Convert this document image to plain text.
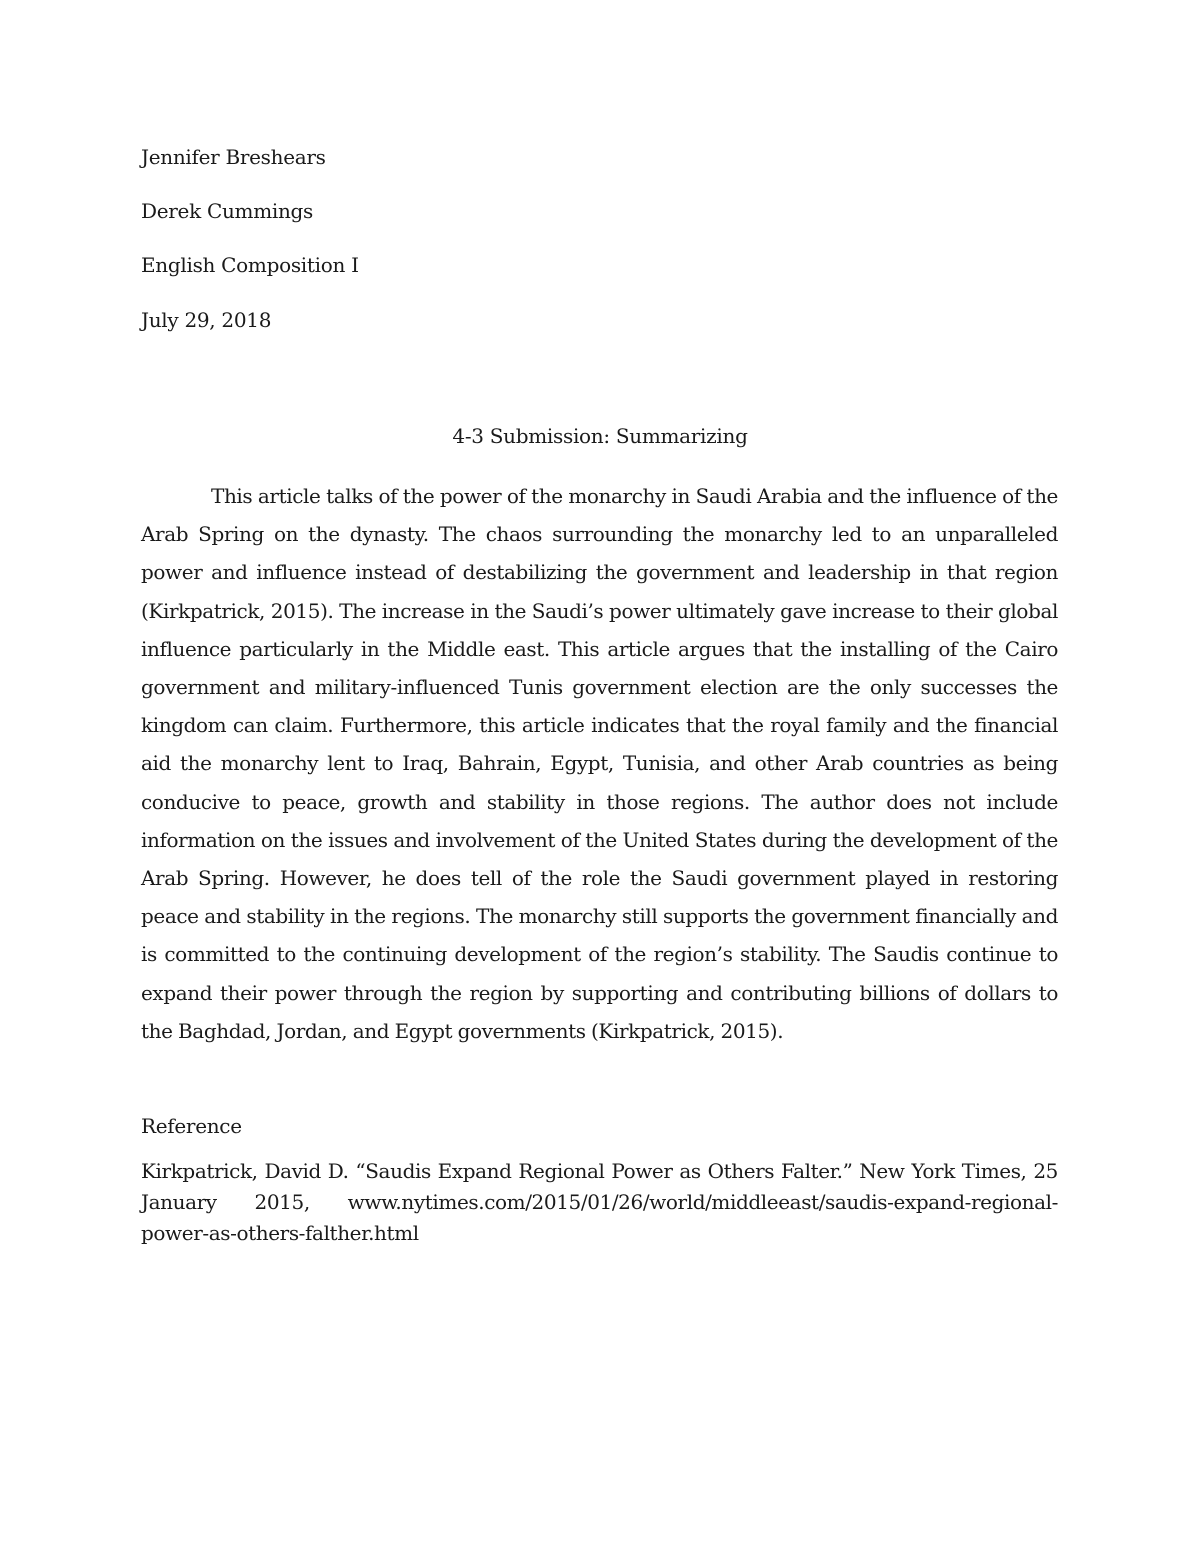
Jennifer Breshears
Derek Cummings
English Composition I
July 29, 2018
4-3 Submission: Summarizing

This article talks of the power of the monarchy in Saudi Arabia and the influence of the Arab Spring on the dynasty. The chaos surrounding the monarchy led to an unparalleled power and influence instead of destabilizing the government and leadership in that region (Kirkpatrick, 2015). The increase in the Saudi’s power ultimately gave increase to their global influence particularly in the Middle east. This article argues that the installing of the Cairo government and military-influenced Tunis government election are the only successes the kingdom can claim. Furthermore, this article indicates that the royal family and the financial aid the monarchy lent to Iraq, Bahrain, Egypt, Tunisia, and other Arab countries as being conducive to peace, growth and stability in those regions. The author does not include information on the issues and involvement of the United States during the development of the Arab Spring. However, he does tell of the role the Saudi government played in restoring peace and stability in the regions. The monarchy still supports the government financially and is committed to the continuing development of the region’s stability. The Saudis continue to expand their power through the region by supporting and contributing billions of dollars to the Baghdad, Jordan, and Egypt governments (Kirkpatrick, 2015).

Reference

Kirkpatrick, David D. “Saudis Expand Regional Power as Others Falter.” New York Times, 25 January 2015, www.nytimes.com/2015/01/26/world/middleeast/saudis-expand-regional-power-as-others-falther.html
